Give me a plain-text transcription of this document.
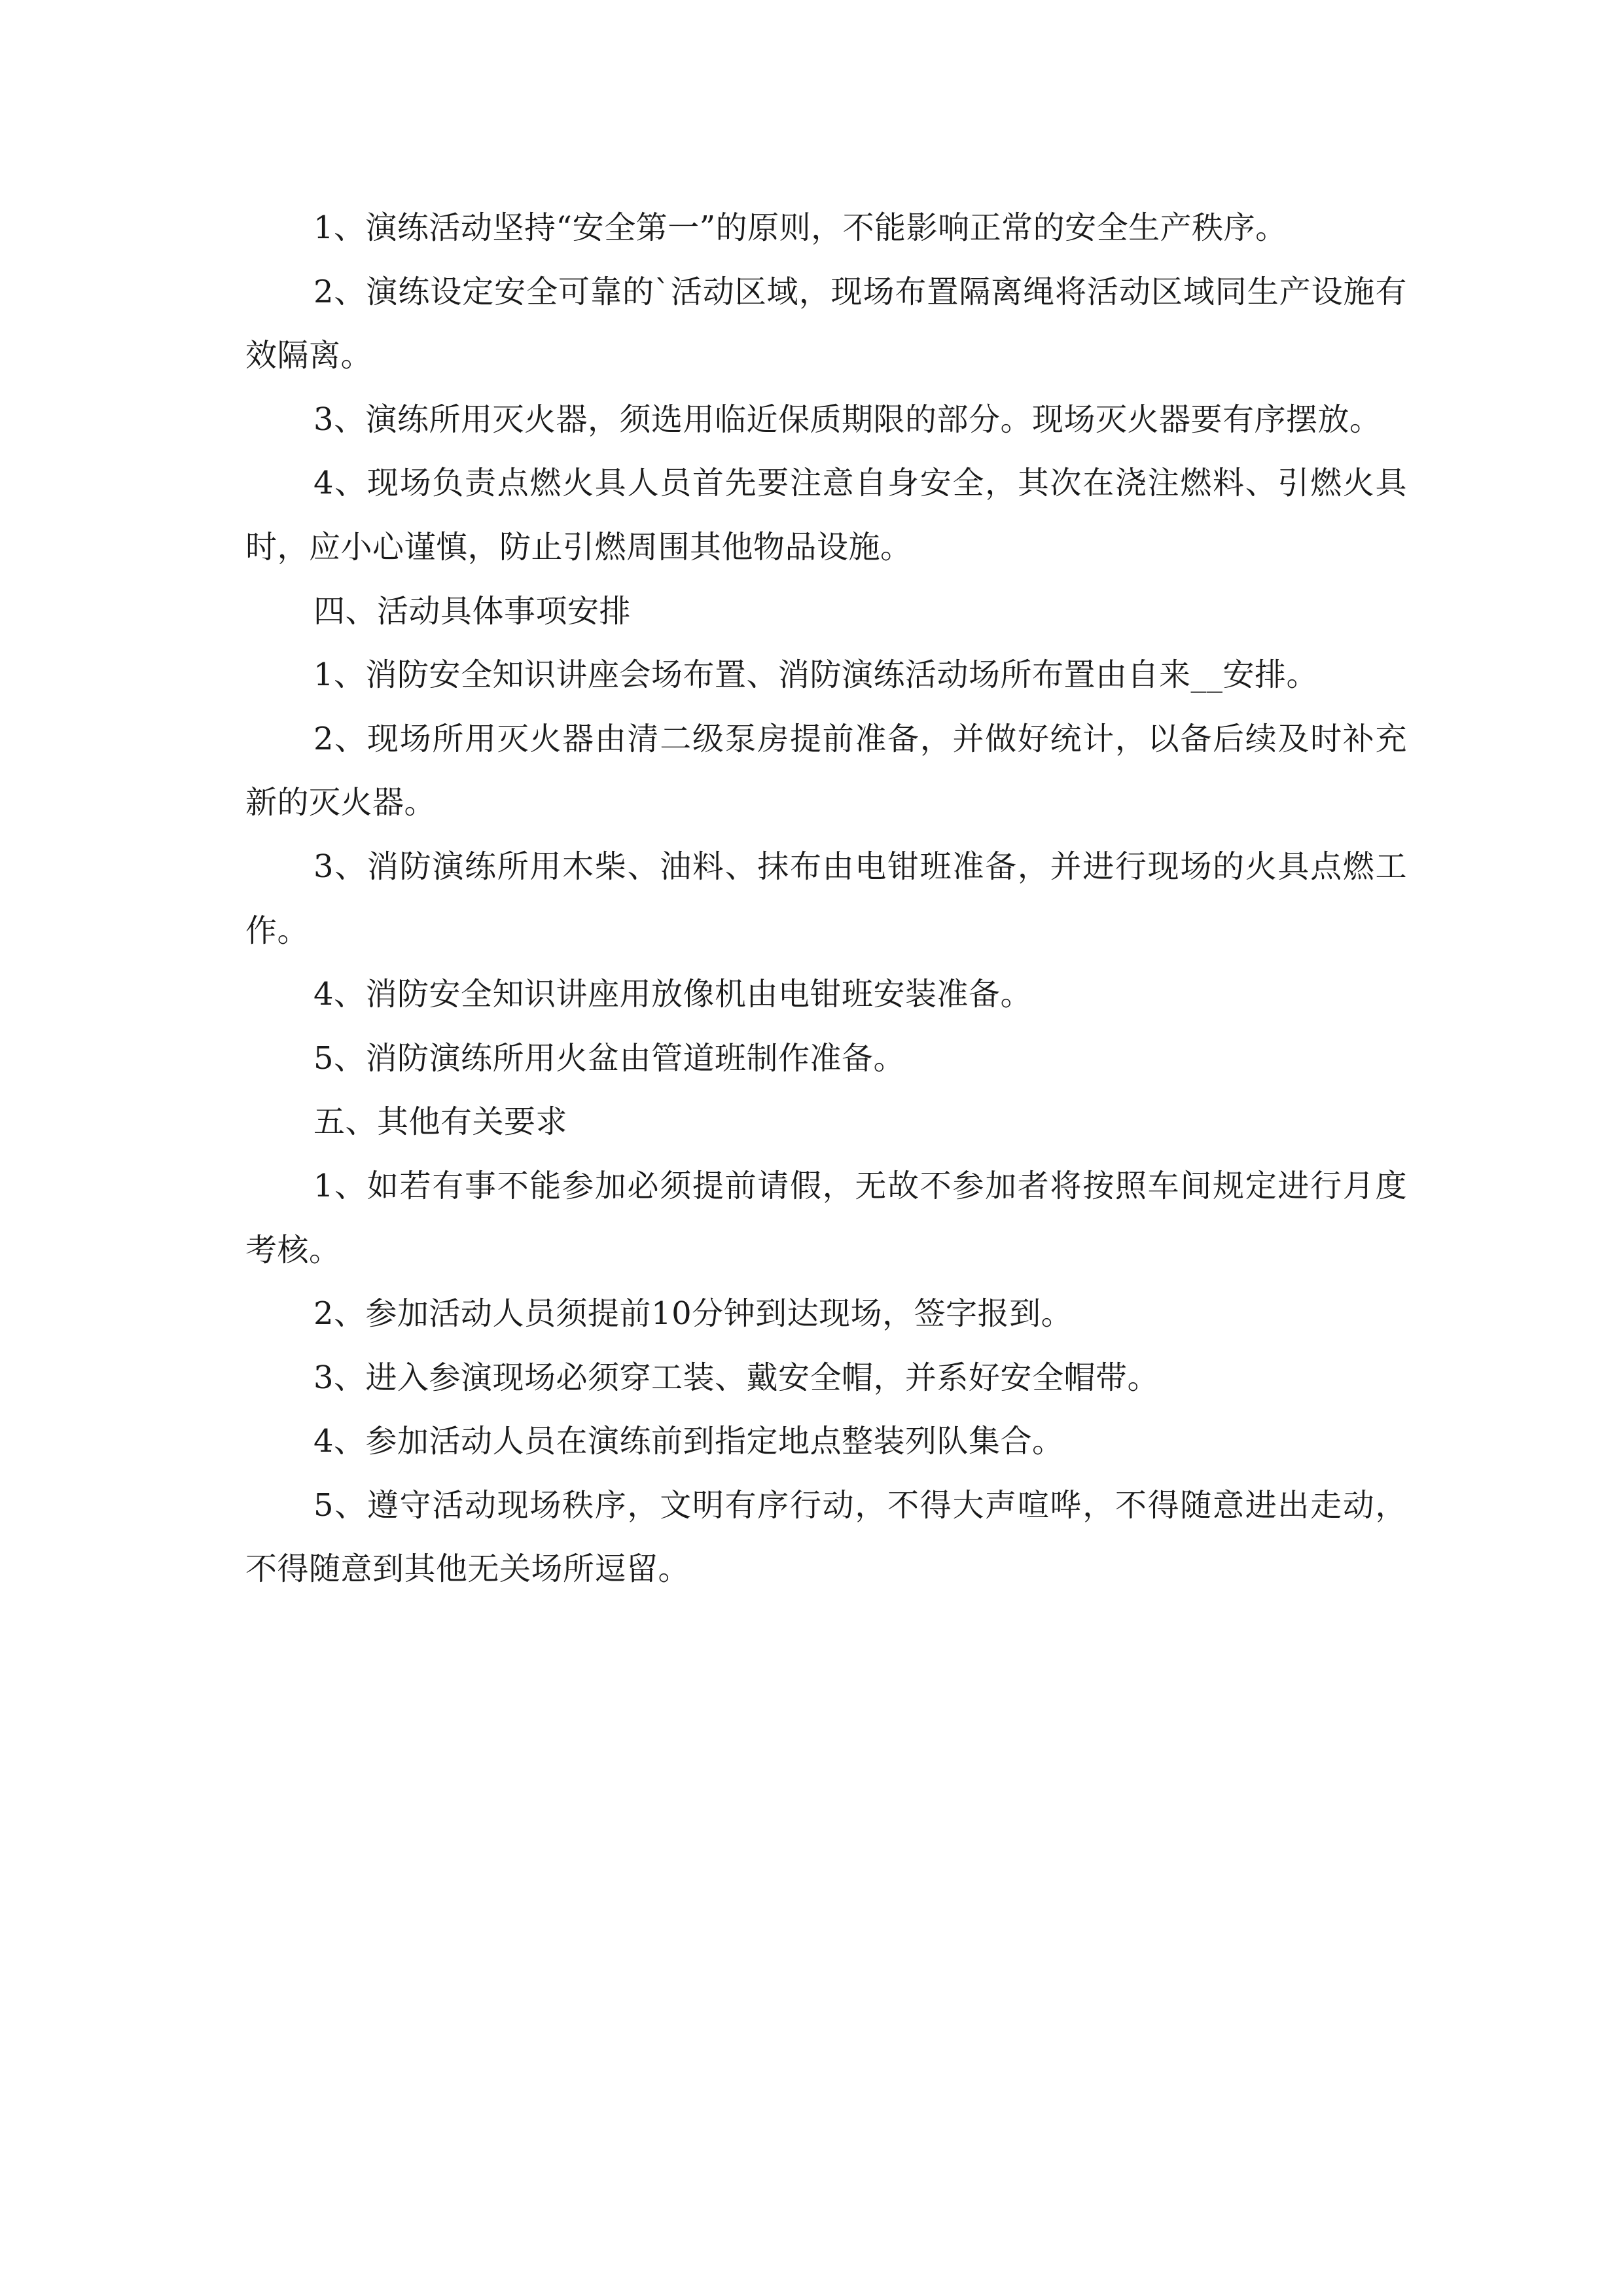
1、演练活动坚持“安全第一”的原则，不能影响正常的安全生产秩序。

2、演练设定安全可靠的`活动区域，现场布置隔离绳将活动区域同生产设施有效隔离。

3、演练所用灭火器，须选用临近保质期限的部分。现场灭火器要有序摆放。

4、现场负责点燃火具人员首先要注意自身安全，其次在浇注燃料、引燃火具时，应小心谨慎，防止引燃周围其他物品设施。

四、活动具体事项安排

1、消防安全知识讲座会场布置、消防演练活动场所布置由自来__安排。

2、现场所用灭火器由清二级泵房提前准备，并做好统计，以备后续及时补充新的灭火器。

3、消防演练所用木柴、油料、抹布由电钳班准备，并进行现场的火具点燃工作。

4、消防安全知识讲座用放像机由电钳班安装准备。

5、消防演练所用火盆由管道班制作准备。

五、其他有关要求

1、如若有事不能参加必须提前请假，无故不参加者将按照车间规定进行月度考核。

2、参加活动人员须提前10分钟到达现场，签字报到。

3、进入参演现场必须穿工装、戴安全帽，并系好安全帽带。

4、参加活动人员在演练前到指定地点整装列队集合。

5、遵守活动现场秩序，文明有序行动，不得大声喧哗，不得随意进出走动，不得随意到其他无关场所逗留。
